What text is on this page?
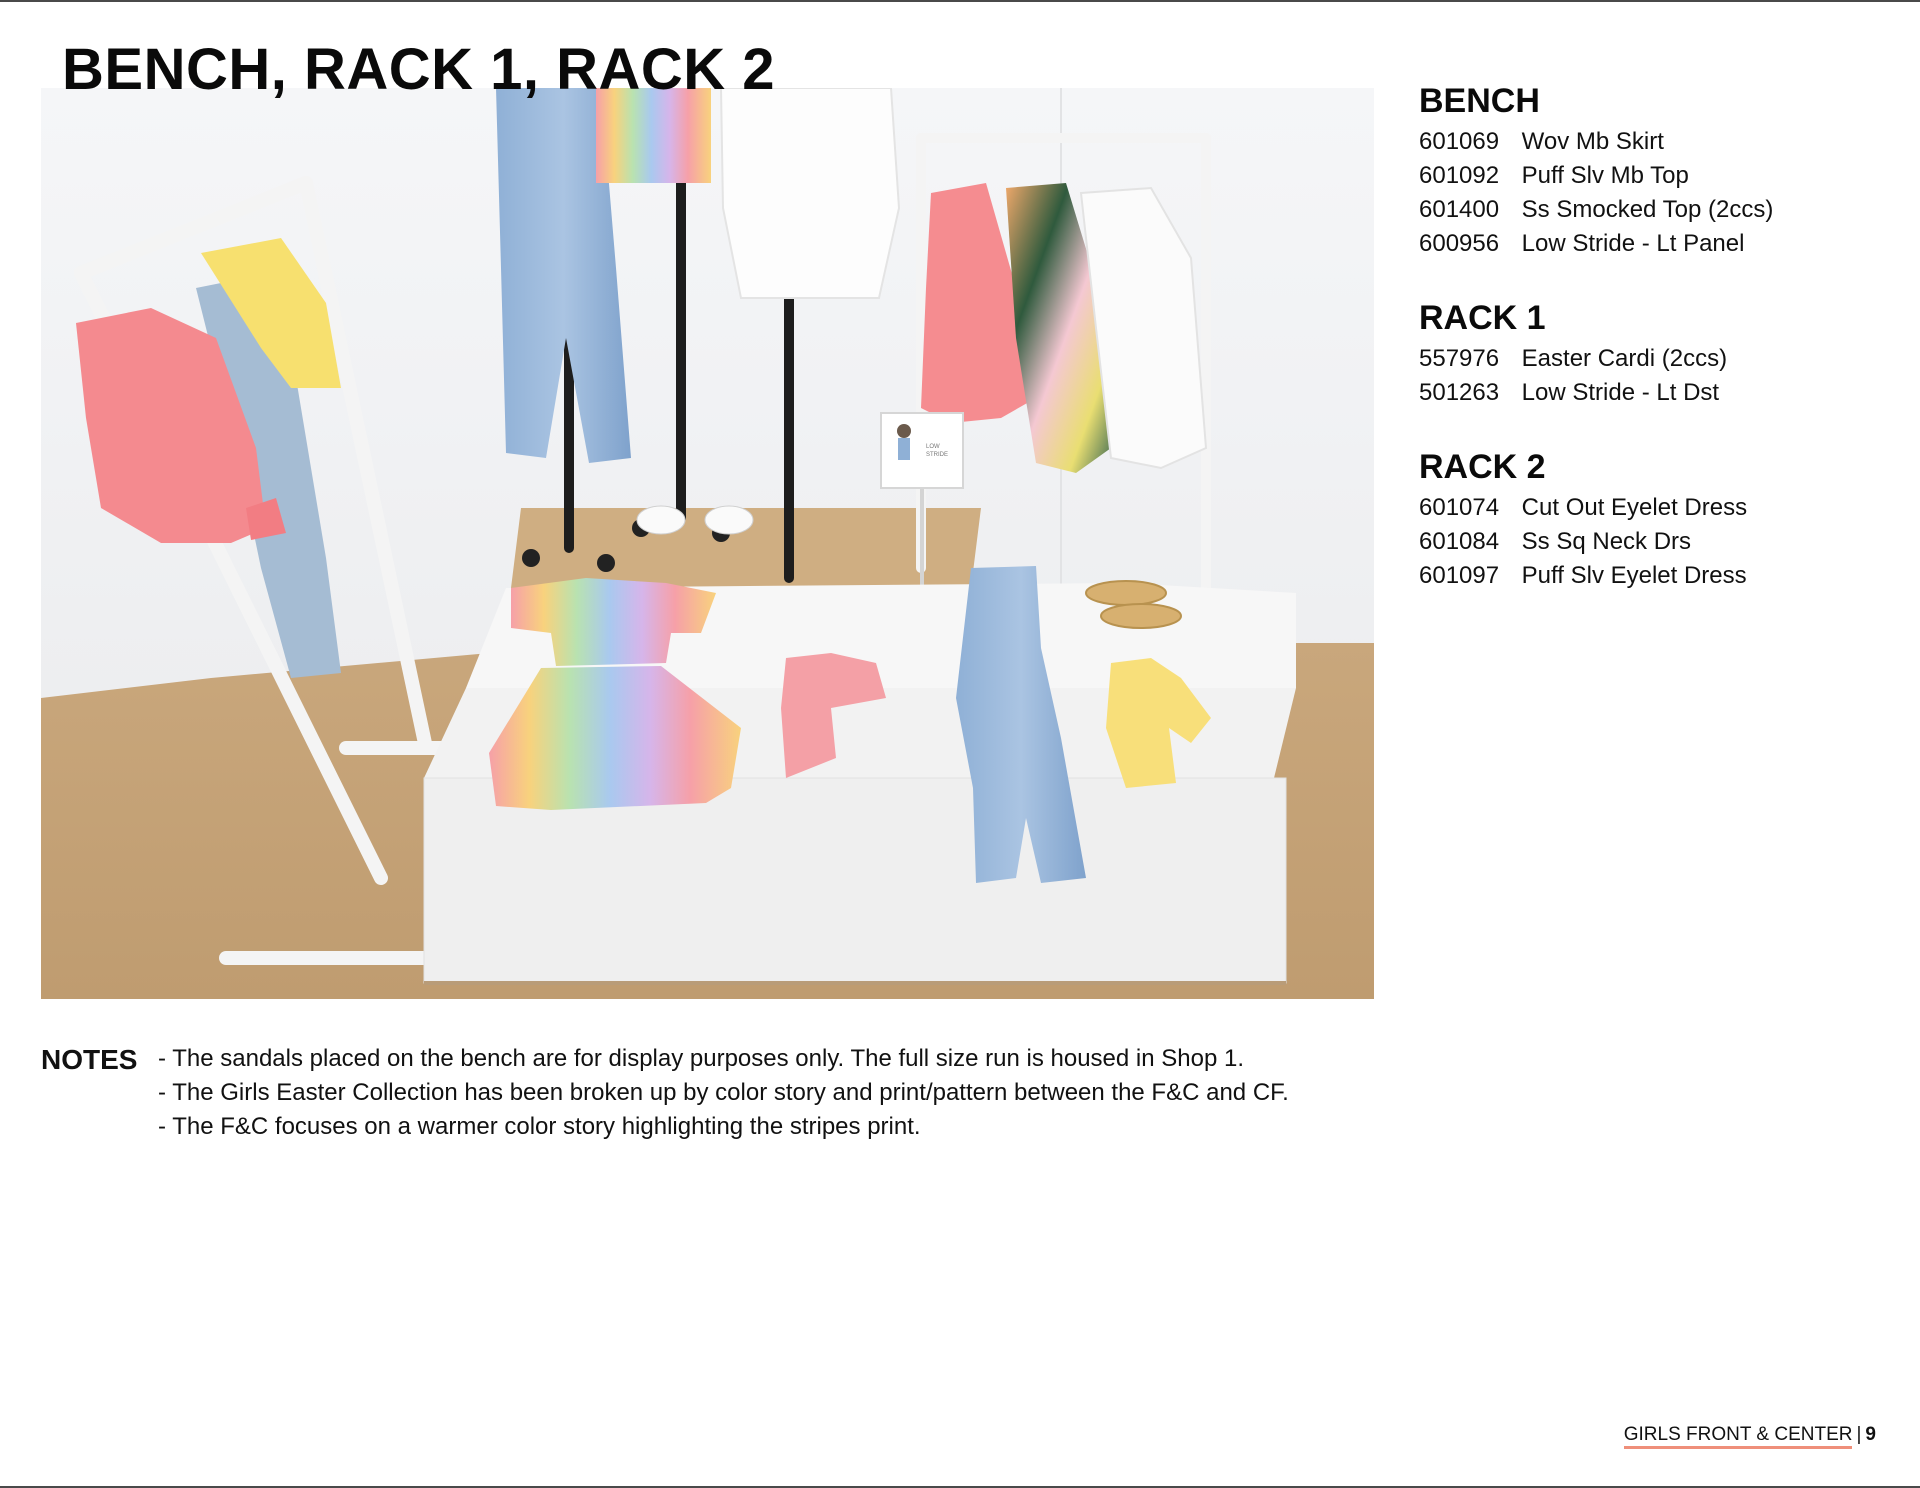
BENCH, RACK 1, RACK 2
LOW
STRIDE
BENCH
601069 Wov Mb Skirt
601092 Puff Slv Mb Top
601400 Ss Smocked Top (2ccs)
600956 Low Stride - Lt Panel
RACK 1
557976 Easter Cardi (2ccs)
501263 Low Stride - Lt Dst
RACK 2
601074 Cut Out Eyelet Dress
601084 Ss Sq Neck Drs
601097 Puff Slv Eyelet Dress
NOTES - The sandals placed on the bench are for display purposes only. The full size run is housed in Shop 1.
- The Girls Easter Collection has been broken up by color story and print/pattern between the F&C and CF.
- The F&C focuses on a warmer color story highlighting the stripes print.
GIRLS FRONT & CENTER | 9
